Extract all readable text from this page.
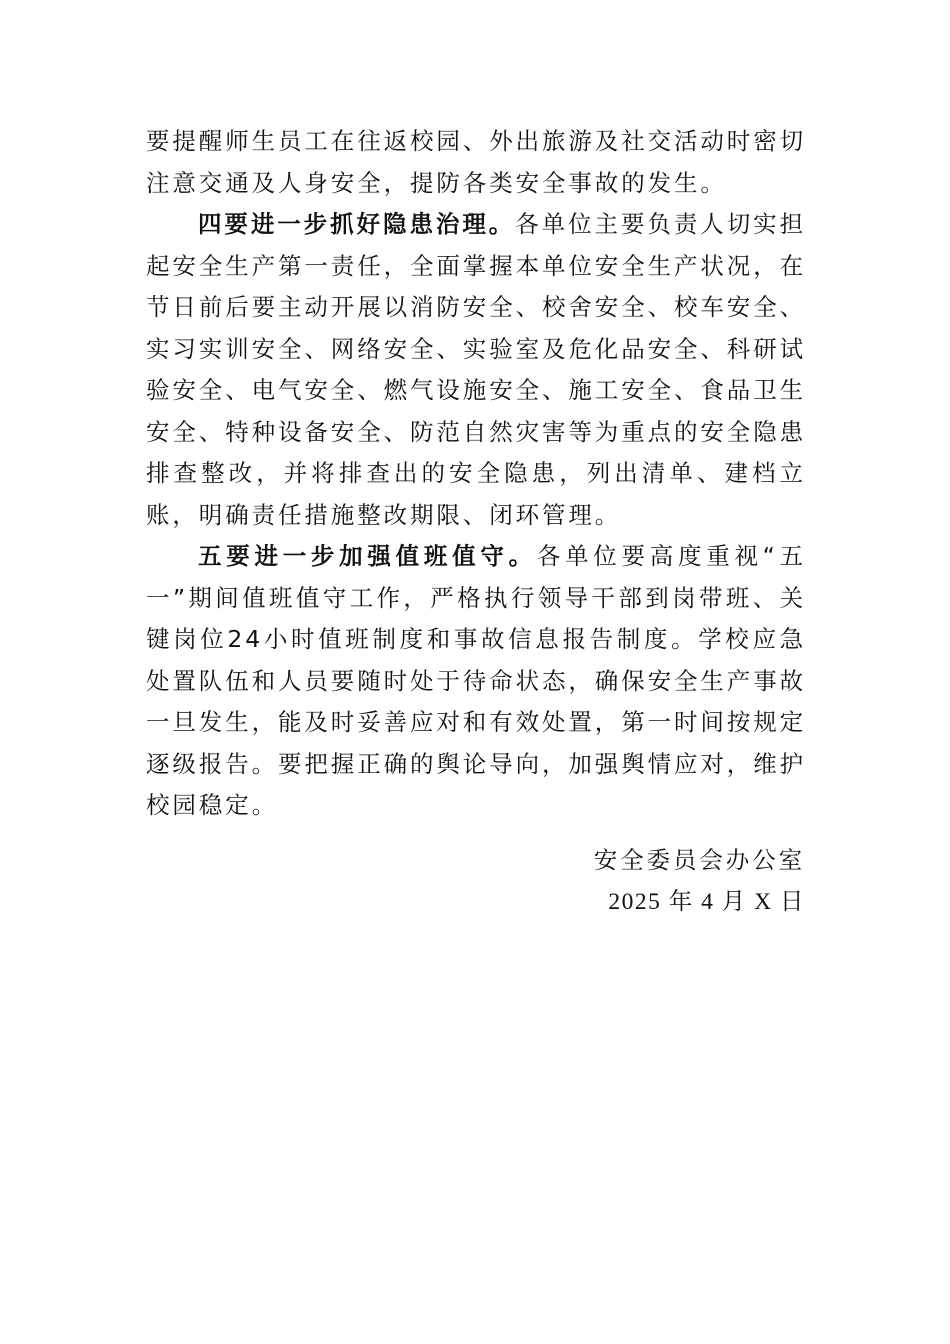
要提醒师生员工在往返校园、外出旅游及社交活动时密切注意交通及人身安全，提防各类安全事故的发生。

四要进一步抓好隐患治理。各单位主要负责人切实担起安全生产第一责任，全面掌握本单位安全生产状况，在节日前后要主动开展以消防安全、校舍安全、校车安全、实习实训安全、网络安全、实验室及危化品安全、科研试验安全、电气安全、燃气设施安全、施工安全、食品卫生安全、特种设备安全、防范自然灾害等为重点的安全隐患排查整改，并将排查出的安全隐患，列出清单、建档立账，明确责任措施整改期限、闭环管理。

五要进一步加强值班值守。各单位要高度重视“五一”期间值班值守工作，严格执行领导干部到岗带班、关键岗位24小时值班制度和事故信息报告制度。学校应急处置队伍和人员要随时处于待命状态，确保安全生产事故一旦发生，能及时妥善应对和有效处置，第一时间按规定逐级报告。要把握正确的舆论导向，加强舆情应对，维护校园稳定。

安全委员会办公室
2025 年 4 月 X 日
